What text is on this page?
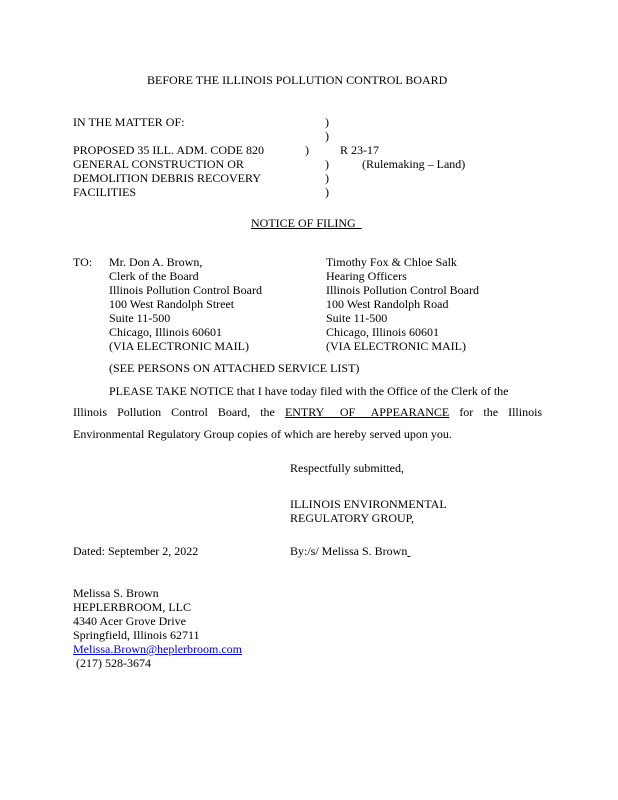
BEFORE THE ILLINOIS POLLUTION CONTROL BOARD
IN THE MATTER OF:
PROPOSED 35 ILL. ADM. CODE 820
GENERAL CONSTRUCTION OR
DEMOLITION DEBRIS RECOVERY
FACILITIES
)
)
)
)
)
)
R 23-17
(Rulemaking – Land)
NOTICE OF FILING
TO: Mr. Don A. Brown,
Clerk of the Board
Illinois Pollution Control Board
100 West Randolph Street
Suite 11-500
Chicago, Illinois 60601
(VIA ELECTRONIC MAIL)
Timothy Fox & Chloe Salk
Hearing Officers
Illinois Pollution Control Board
100 West Randolph Road
Suite 11-500
Chicago, Illinois 60601
(VIA ELECTRONIC MAIL)
(SEE PERSONS ON ATTACHED SERVICE LIST)
PLEASE TAKE NOTICE that I have today filed with the Office of the Clerk of the
Illinois Pollution Control Board, the ENTRY OF APPEARANCE for the Illinois
Environmental Regulatory Group copies of which are hereby served upon you.
Respectfully submitted,
ILLINOIS ENVIRONMENTAL
REGULATORY GROUP,
Dated: September 2, 2022	By:/s/ Melissa S. Brown
Melissa S. Brown
HEPLERBROOM, LLC
4340 Acer Grove Drive
Springfield, Illinois 62711
Melissa.Brown@heplerbroom.com
(217) 528-3674
